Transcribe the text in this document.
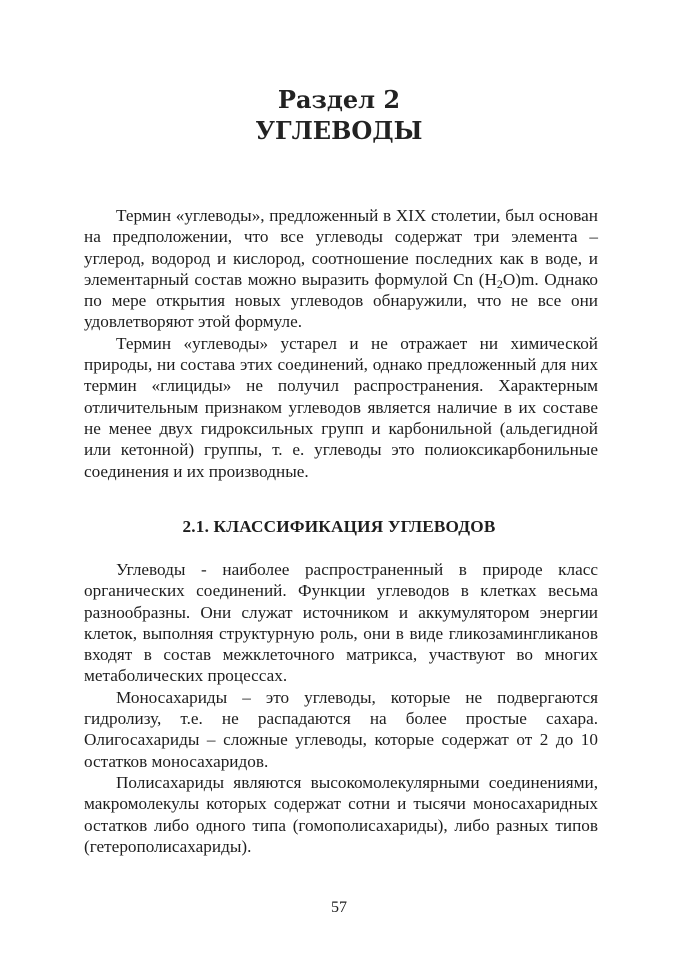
Раздел 2
УГЛЕВОДЫ

Термин «углеводы», предложенный в XIX столетии, был основан на предположении, что все углеводы содержат три элемента – углерод, водород и кислород, соотношение последних как в воде, и элементарный состав можно выразить формулой Cn $(H_2O)m$. Однако по мере открытия новых углеводов обнаружили, что не все они удовлетворяют этой формуле.

Термин «углеводы» устарел и не отражает ни химической природы, ни состава этих соединений, однако предложенный для них термин «глициды» не получил распространения. Характерным отличительным признаком углеводов является наличие в их составе не менее двух гидроксильных групп и карбонильной (альдегидной или кетонной) группы, т. е. углеводы это полиоксикарбонильные соединения и их производные.

2.1. КЛАССИФИКАЦИЯ УГЛЕВОДОВ

Углеводы - наиболее распространенный в природе класс органических соединений. Функции углеводов в клетках весьма разнообразны. Они служат источником и аккумулятором энергии клеток, выполняя структурную роль, они в виде гликозамингликанов входят в состав межклеточного матрикса, участвуют во многих метаболических процессах.

Моносахариды – это углеводы, которые не подвергаются гидролизу, т.е. не распадаются на более простые сахара. Олигосахариды – сложные углеводы, которые содержат от 2 до 10 остатков моносахаридов.

Полисахариды являются высокомолекулярными соединениями, макромолекулы которых содержат сотни и тысячи моносахаридных остатков либо одного типа (гомополисахариды), либо разных типов (гетерополисахариды).

57
